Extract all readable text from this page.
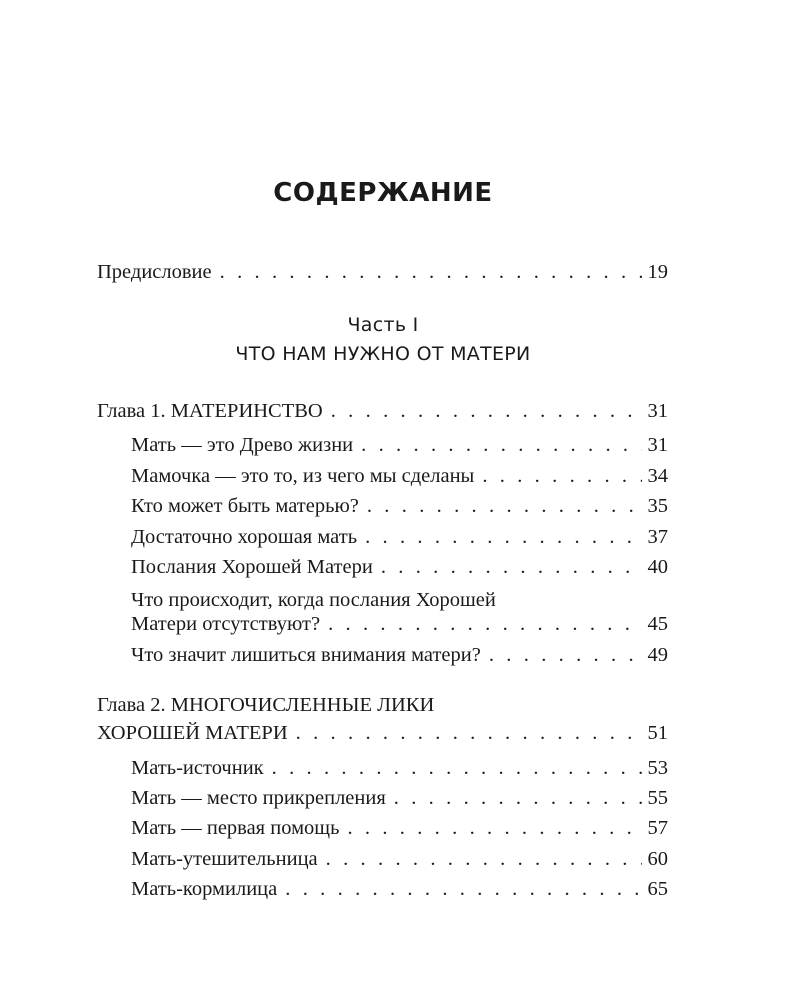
СОДЕРЖАНИЕ
Предисловие . . .	19
Часть I
ЧТО НАМ НУЖНО ОТ МАТЕРИ
Глава 1. МАТЕРИНСТВО . . .	31
Мать — это Древо жизни . . .	31
Мамочка — это то, из чего мы сделаны . . .	34
Кто может быть матерью? . . .	35
Достаточно хорошая мать . . .	37
Послания Хорошей Матери . . .	40
Что происходит, когда послания Хорошей
Матери отсутствуют? . . .	45
Что значит лишиться внимания матери? . . .	49
Глава 2. МНОГОЧИСЛЕННЫЕ ЛИКИ
ХОРОШЕЙ МАТЕРИ . . .	51
Мать-источник . . .	53
Мать — место прикрепления . . .	55
Мать — первая помощь . . .	57
Мать-утешительница . . .	60
Мать-кормилица . . .	65
